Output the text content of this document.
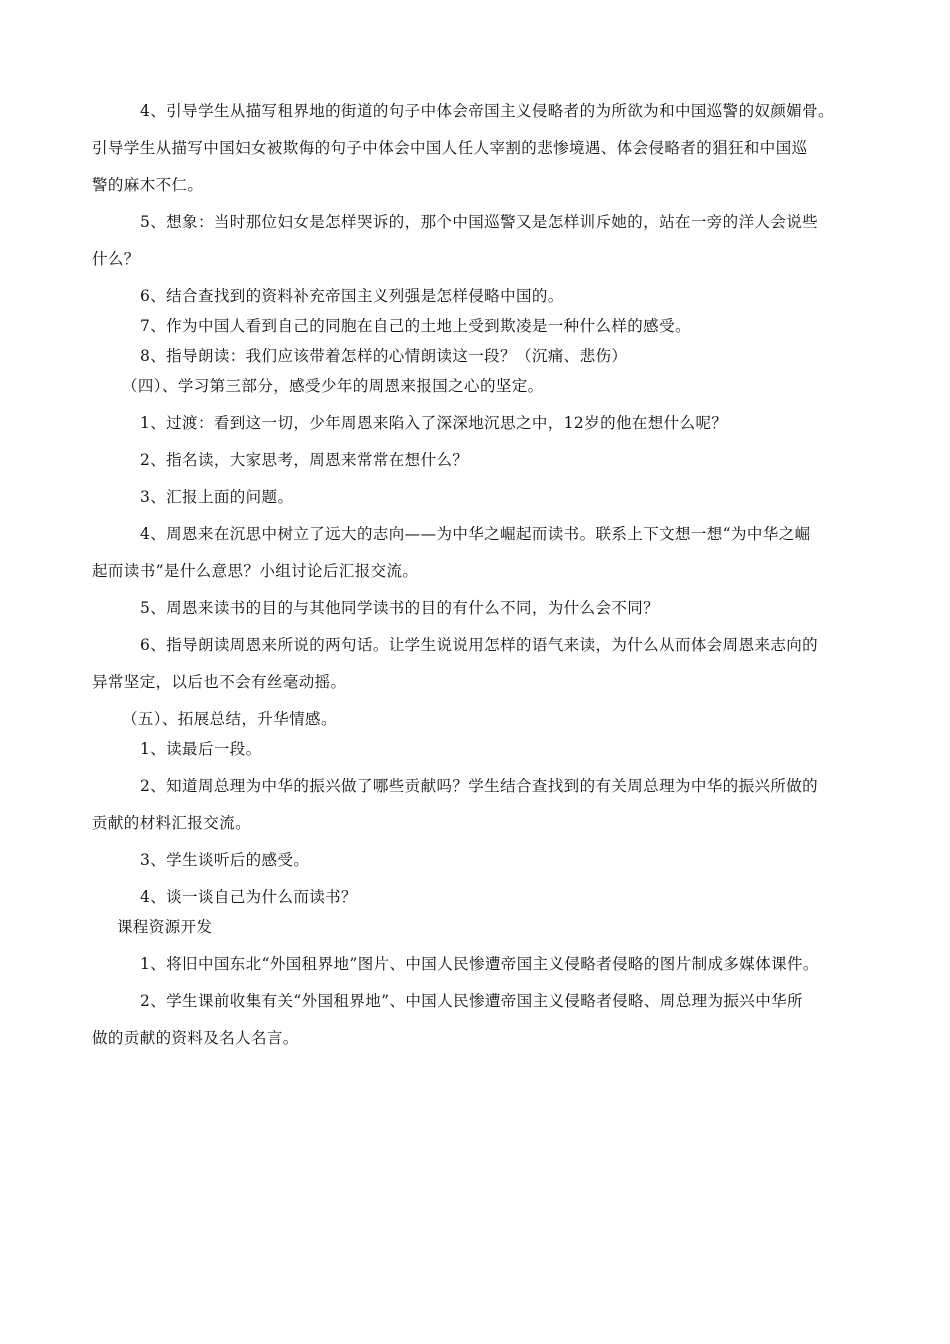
4、引导学生从描写租界地的街道的句子中体会帝国主义侵略者的为所欲为和中国巡警的奴颜媚骨。
引导学生从描写中国妇女被欺侮的句子中体会中国人任人宰割的悲惨境遇、体会侵略者的猖狂和中国巡
警的麻木不仁。
5、想象：当时那位妇女是怎样哭诉的，那个中国巡警又是怎样训斥她的，站在一旁的洋人会说些
什么？
6、结合查找到的资料补充帝国主义列强是怎样侵略中国的。
7、作为中国人看到自己的同胞在自己的土地上受到欺凌是一种什么样的感受。
8、指导朗读：我们应该带着怎样的心情朗读这一段？（沉痛、悲伤）
（四）、学习第三部分，感受少年的周恩来报国之心的坚定。
1、过渡：看到这一切，少年周恩来陷入了深深地沉思之中，12岁的他在想什么呢？
2、指名读，大家思考，周恩来常常在想什么？
3、汇报上面的问题。
4、周恩来在沉思中树立了远大的志向——为中华之崛起而读书。联系上下文想一想“为中华之崛
起而读书”是什么意思？小组讨论后汇报交流。
5、周恩来读书的目的与其他同学读书的目的有什么不同，为什么会不同？
6、指导朗读周恩来所说的两句话。让学生说说用怎样的语气来读，为什么从而体会周恩来志向的
异常坚定，以后也不会有丝毫动摇。
（五）、拓展总结，升华情感。
1、读最后一段。
2、知道周总理为中华的振兴做了哪些贡献吗？学生结合查找到的有关周总理为中华的振兴所做的
贡献的材料汇报交流。
3、学生谈听后的感受。
4、谈一谈自己为什么而读书？
课程资源开发
1、将旧中国东北“外国租界地”图片、中国人民惨遭帝国主义侵略者侵略的图片制成多媒体课件。
2、学生课前收集有关“外国租界地”、中国人民惨遭帝国主义侵略者侵略、周总理为振兴中华所
做的贡献的资料及名人名言。
